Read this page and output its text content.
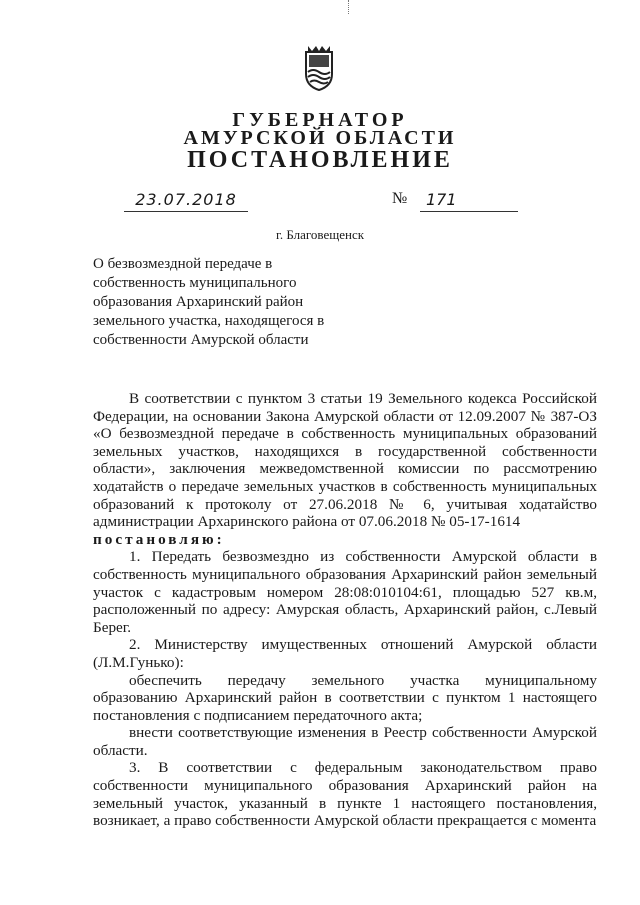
ГУБЕРНАТОР
АМУРСКОЙ ОБЛАСТИ
ПОСТАНОВЛЕНИЕ
23.07.2018	№	171
г. Благовещенск
О безвозмездной передаче в собственность муниципального образования Архаринский район земельного участка, находящегося в собственности Амурской области

В соответствии с пунктом 3 статьи 19 Земельного кодекса Российской Федерации, на основании Закона Амурской области от 12.09.2007 № 387-ОЗ «О безвозмездной передаче в собственность муниципальных образований земельных участков, находящихся в государственной собственности области», заключения межведомственной комиссии по рассмотрению ходатайств о передаче земельных участков в собственность муниципальных образований к протоколу от 27.06.2018 № 6, учитывая ходатайство администрации Архаринского района от 07.06.2018 № 05-17-1614

постановляю:

1. Передать безвозмездно из собственности Амурской области в собственность муниципального образования Архаринский район земельный участок с кадастровым номером 28:08:010104:61, площадью 527 кв.м, расположенный по адресу: Амурская область, Архаринский район, с.Левый Берег.

2. Министерству имущественных отношений Амурской области (Л.М.Гунько):

обеспечить передачу земельного участка муниципальному образованию Архаринский район в соответствии с пунктом 1 настоящего постановления с подписанием передаточного акта;

внести соответствующие изменения в Реестр собственности Амурской области.

3. В соответствии с федеральным законодательством право собственности муниципального образования Архаринский район на земельный участок, указанный в пункте 1 настоящего постановления, возникает, а право собственности Амурской области прекращается с момента
